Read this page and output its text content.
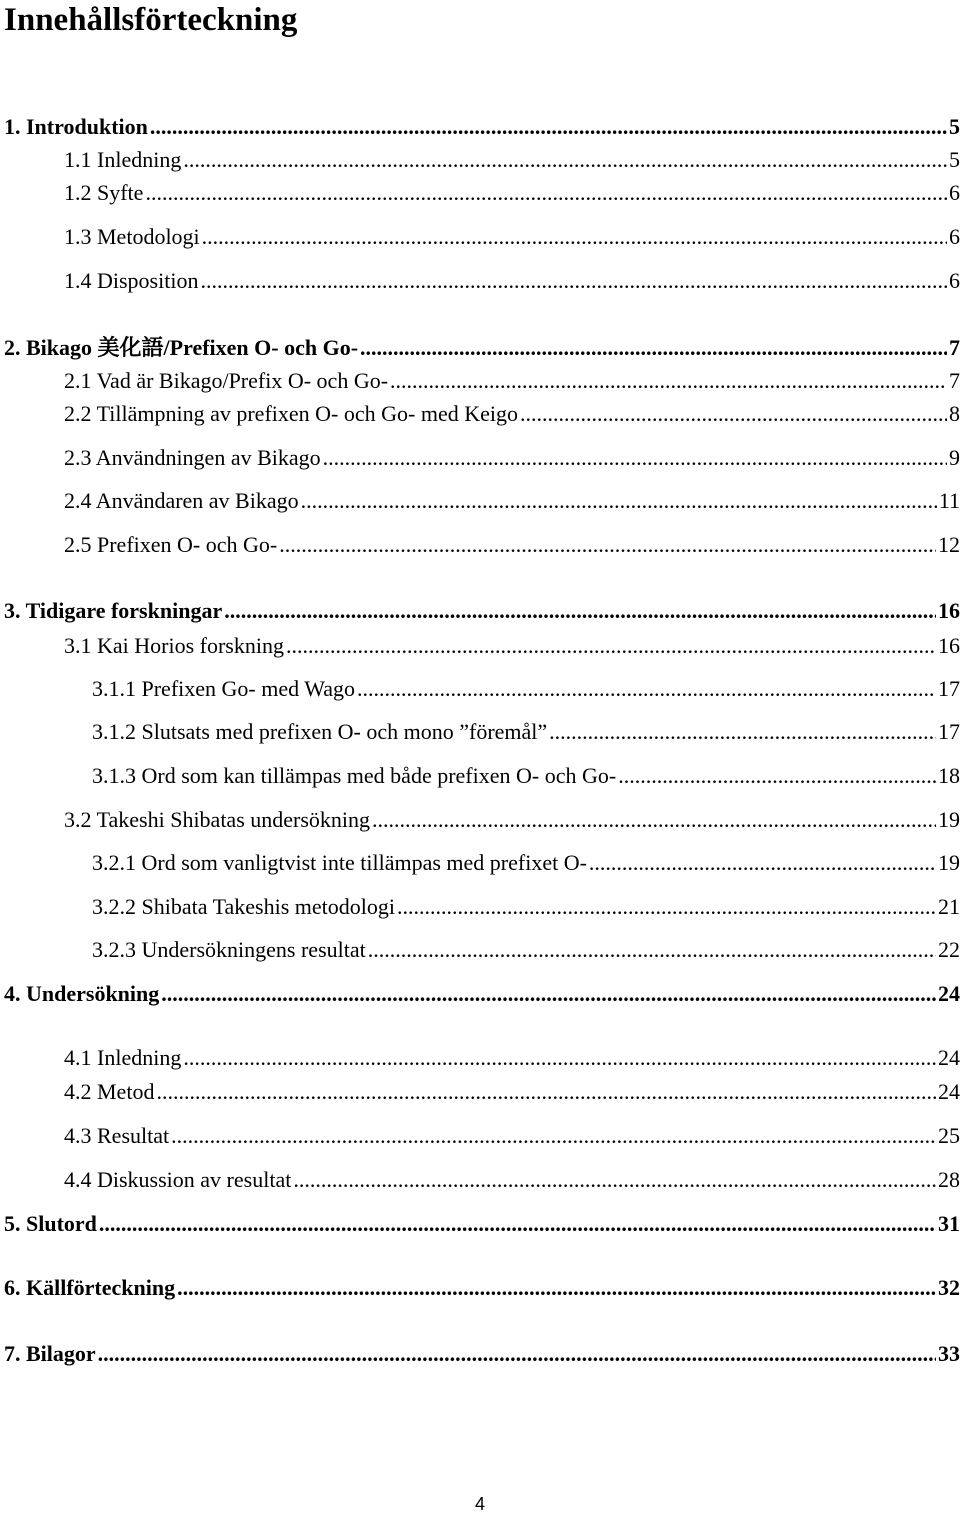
Innehållsförteckning
1. Introduktion .....	5
1.1 Inledning .....	5
1.2 Syfte .....	6
1.3 Metodologi .....	6
1.4 Disposition .....	6
2. Bikago 美化語/Prefixen O- och Go- .....	7
2.1 Vad är Bikago/Prefix O- och Go- .....	7
2.2 Tillämpning av prefixen O- och Go- med Keigo .....	8
2.3 Användningen av Bikago .....	9
2.4 Användaren av Bikago .....	11
2.5 Prefixen O- och Go- .....	12
3. Tidigare forskningar .....	16
3.1 Kai Horios forskning .....	16
3.1.1 Prefixen Go- med Wago .....	17
3.1.2 Slutsats med prefixen O- och mono ”föremål” .....	17
3.1.3 Ord som kan tillämpas med både prefixen O- och Go- .....	18
3.2 Takeshi Shibatas undersökning .....	19
3.2.1 Ord som vanligtvist inte tillämpas med prefixet O- .....	19
3.2.2 Shibata Takeshis metodologi .....	21
3.2.3 Undersökningens resultat .....	22
4. Undersökning .....	24
4.1 Inledning .....	24
4.2 Metod .....	24
4.3 Resultat .....	25
4.4 Diskussion av resultat .....	28
5. Slutord .....	31
6. Källförteckning .....	32
7. Bilagor .....	33
4
